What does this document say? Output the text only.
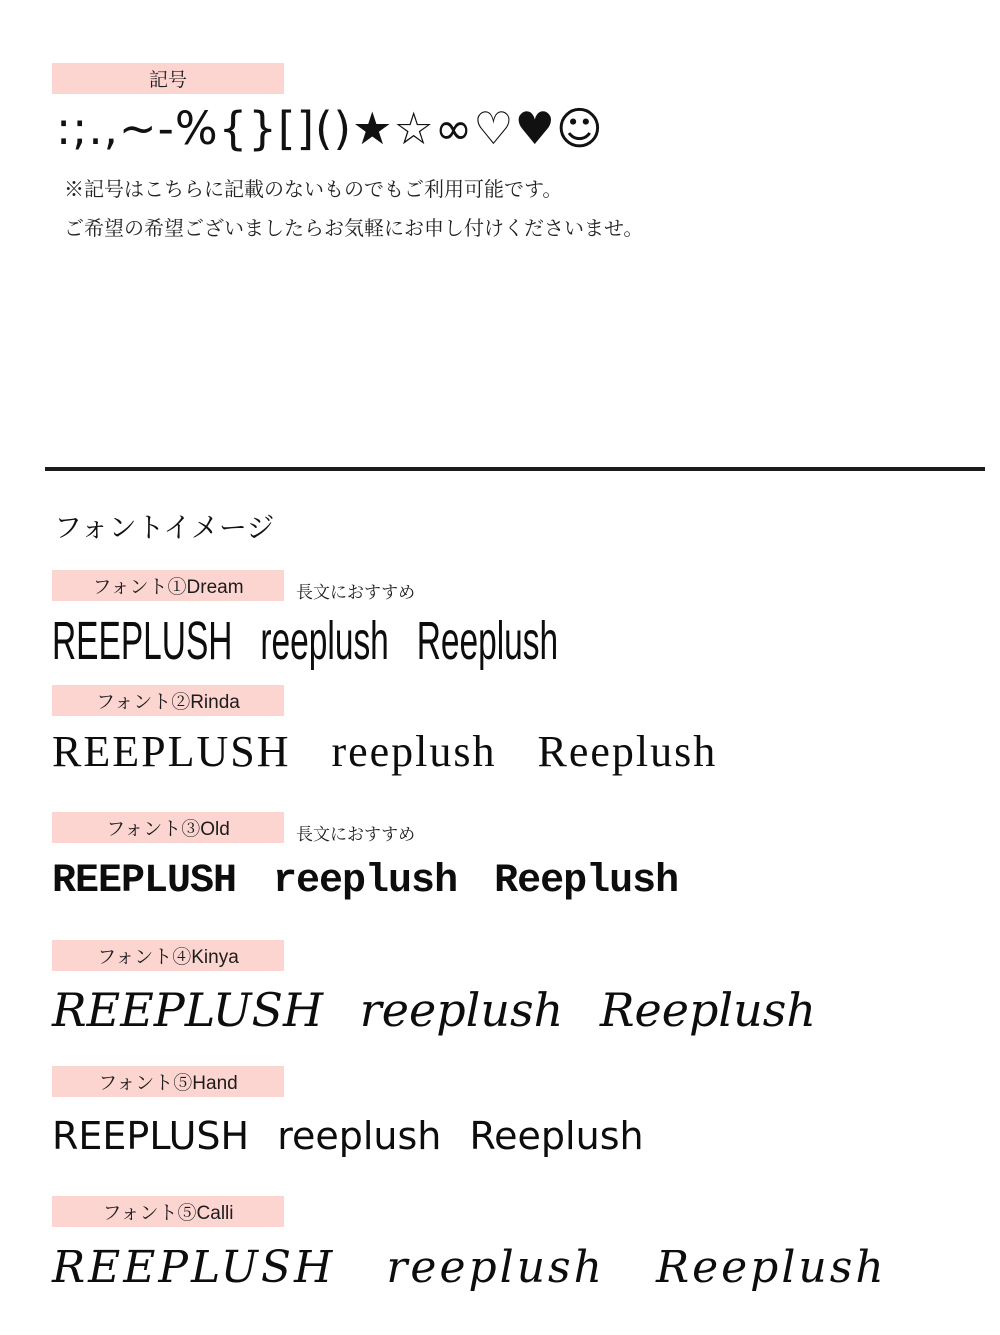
記号
:;.,~-%{}[]()★☆∞♡♥☺
※記号はこちらに記載のないものでもご利用可能です。
ご希望の希望ございましたらお気軽にお申し付けくださいませ。
フォントイメージ
フォント①Dream	長文におすすめ
REEPLUSH reeplush Reeplush
フォント②Rinda
REEPLUSH reeplush Reeplush
フォント③Old	長文におすすめ
REEPLUSH reeplush Reeplush
フォント④Kinya
REEPLUSH reeplush Reeplush
フォント⑤Hand
REEPLUSH reeplush Reeplush
フォント⑤Calli
REEPLUSH reeplush Reeplush
